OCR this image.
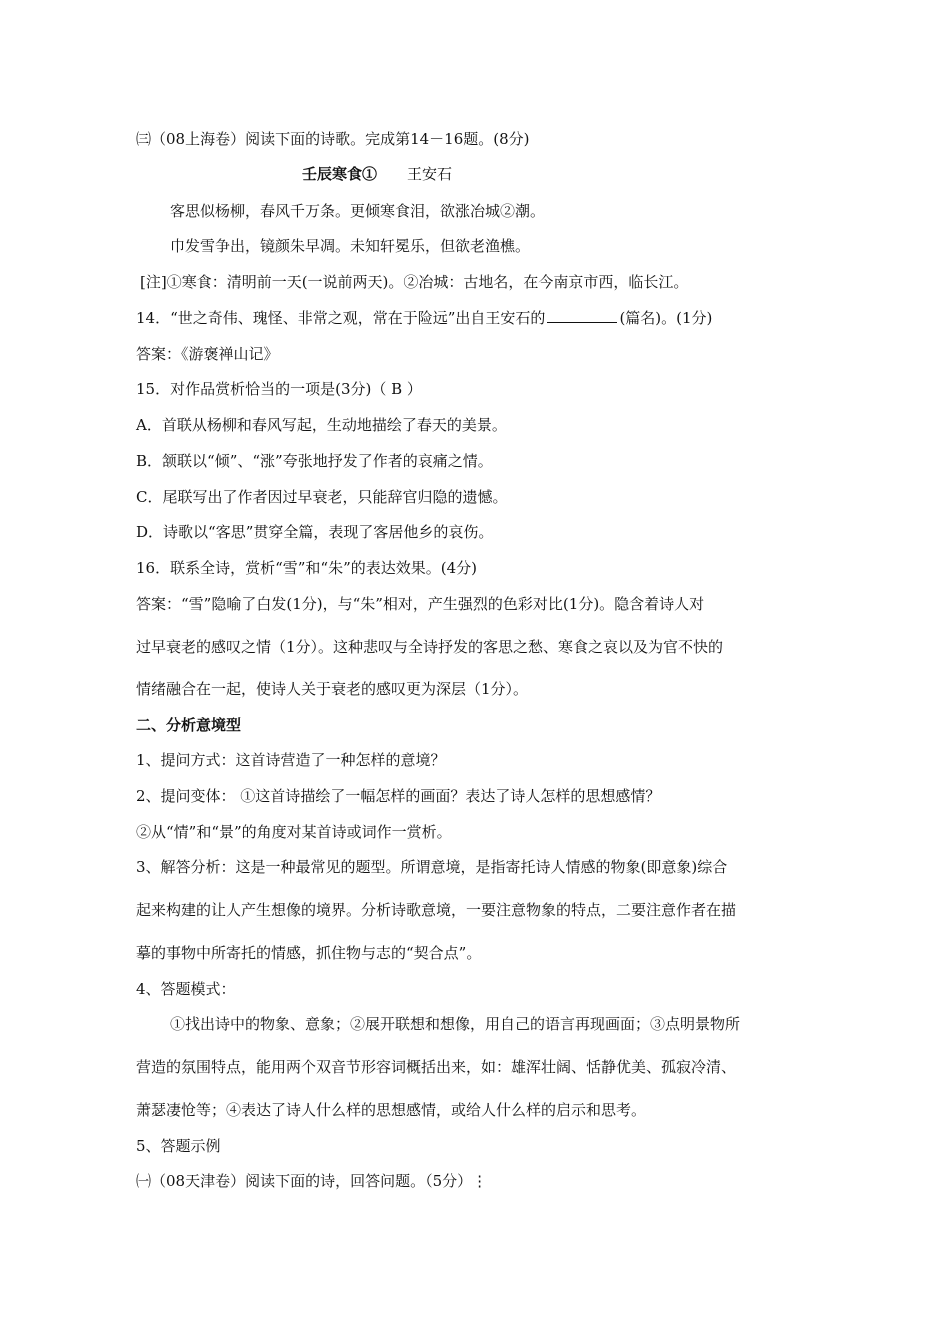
㈢（08上海卷）阅读下面的诗歌。完成第14－16题。(8分)
壬辰寒食① 王安石
客思似杨柳，春风千万条。更倾寒食泪，欲涨冶城②潮。
巾发雪争出，镜颜朱早凋。未知轩冕乐，但欲老渔樵。
[注]①寒食：清明前一天(一说前两天)。②冶城：古地名，在今南京市西，临长江。
14．“世之奇伟、瑰怪、非常之观，常在于险远”出自王安石的	(篇名)。(1分)
答案：《游褒禅山记》
15．对作品赏析恰当的一项是(3分)（ B ）
A．首联从杨柳和春风写起，生动地描绘了春天的美景。
B．颔联以“倾”、“涨”夸张地抒发了作者的哀痛之情。
C．尾联写出了作者因过早衰老，只能辞官归隐的遗憾。
D．诗歌以“客思”贯穿全篇，表现了客居他乡的哀伤。
16．联系全诗，赏析“雪”和“朱”的表达效果。(4分)
答案：“雪”隐喻了白发(1分)，与“朱”相对，产生强烈的色彩对比(1分)。隐含着诗人对
过早衰老的感叹之情（1分）。这种悲叹与全诗抒发的客思之愁、寒食之哀以及为官不快的
情绪融合在一起，使诗人关于衰老的感叹更为深层（1分）。
二、分析意境型
1、提问方式：这首诗营造了一种怎样的意境？
2、提问变体： ①这首诗描绘了一幅怎样的画面？表达了诗人怎样的思想感情？
②从“情”和“景”的角度对某首诗或词作一赏析。
3、解答分析：这是一种最常见的题型。所谓意境，是指寄托诗人情感的物象(即意象)综合
起来构建的让人产生想像的境界。分析诗歌意境，一要注意物象的特点，二要注意作者在描
摹的事物中所寄托的情感，抓住物与志的“契合点”。
4、答题模式：
①找出诗中的物象、意象；②展开联想和想像，用自己的语言再现画面；③点明景物所
营造的氛围特点，能用两个双音节形容词概括出来，如：雄浑壮阔、恬静优美、孤寂冷清、
萧瑟凄怆等；④表达了诗人什么样的思想感情，或给人什么样的启示和思考。
5、答题示例
㈠（08天津卷）阅读下面的诗，回答问题。（5分）⋮
